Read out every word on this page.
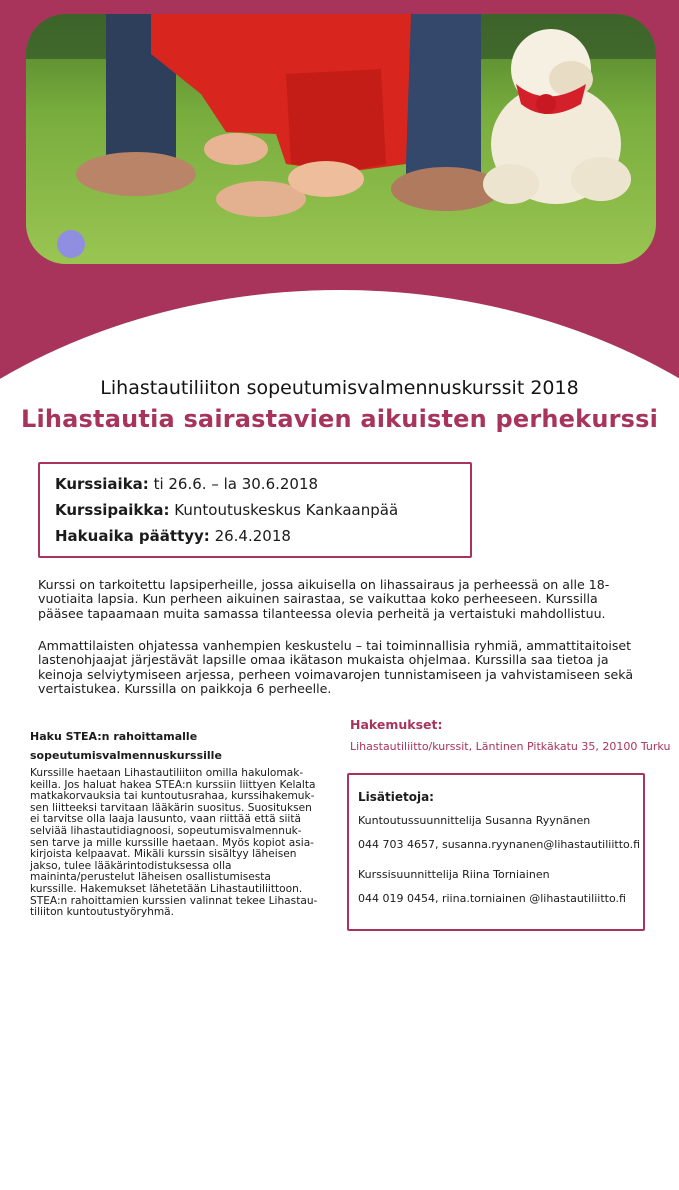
Lihastautiliiton sopeutumisvalmennuskurssit 2018
Lihastautia sairastavien aikuisten perhekurssi
Kurssiaika: ti 26.6. – la 30.6.2018
Kurssipaikka: Kuntoutuskeskus Kankaanpää
Hakuaika päättyy: 26.4.2018
Kurssi on tarkoitettu lapsiperheille, jossa aikuisella on lihassairaus ja perheessä on alle 18-vuotiaita lapsia. Kun perheen aikuinen sairastaa, se vaikuttaa koko perheeseen. Kurssilla pääsee tapaamaan muita samassa tilanteessa olevia perheitä ja vertaistuki mahdollistuu.
Ammattilaisten ohjatessa vanhempien keskustelu – tai toiminnallisia ryhmiä, ammattitaitoiset lastenohjaajat järjestävät lapsille omaa ikätason mukaista ohjelmaa. Kurssilla saa tietoa ja keinoja selviytymiseen arjessa, perheen voimavarojen tunnistamiseen ja vahvistamiseen sekä vertaistukea. Kurssilla on paikkoja 6 perheelle.
Haku STEA:n rahoittamalle sopeutumisvalmennuskurssille
Kurssille haetaan Lihastautiliiton omilla hakulomak-
keilla. Jos haluat hakea STEA:n kurssiin liittyen Kelalta
matkakorvauksia tai kuntoutusrahaa, kurssihakemuk-
sen liitteeksi tarvitaan lääkärin suositus. Suosituksen
ei tarvitse olla laaja lausunto, vaan riittää että siitä
selviää lihastautidiagnoosi, sopeutumisvalmennuk-
sen tarve ja mille kurssille haetaan. Myös kopiot asia-
kirjoista kelpaavat. Mikäli kurssin sisältyy läheisen
jakso, tulee lääkärintodistuksessa olla
maininta/perustelut läheisen osallistumisesta
kurssille. Hakemukset lähetetään Lihastautiliittoon.
STEA:n rahoittamien kurssien valinnat tekee Lihastau-
tiliiton kuntoutustyöryhmä.
Hakemukset:
Lihastautiliitto/kurssit, Läntinen Pitkäkatu 35, 20100 Turku
Lisätietoja:
Kuntoutussuunnittelija Susanna Ryynänen
044 703 4657, susanna.ryynanen@lihastautiliitto.fi
Kurssisuunnittelija Riina Torniainen
044 019 0454, riina.torniainen @lihastautiliitto.fi
